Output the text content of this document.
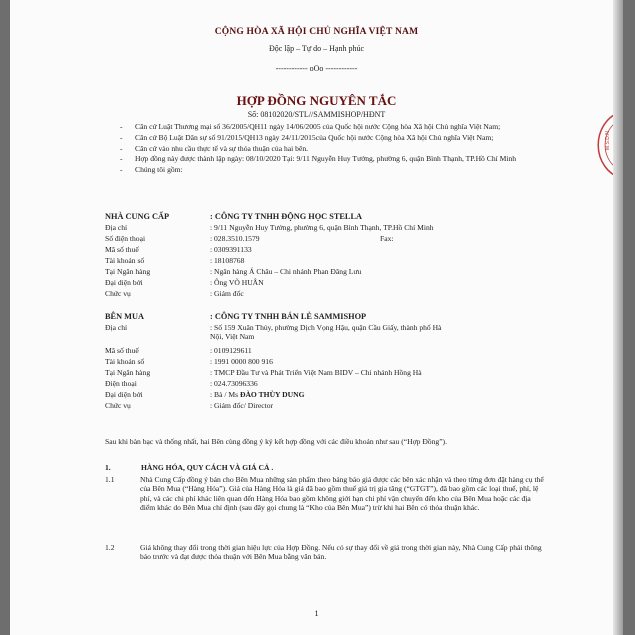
CỘNG HÒA XÃ HỘI CHỦ NGHĨA VIỆT NAM
Độc lập – Tự do – Hạnh phúc
------------ oOo ------------
HỢP ĐỒNG NGUYÊN TẮC
Số: 08102020/STL//SAMMISHOP/HĐNT
- Căn cứ Luật Thương mại số 36/2005/QH11 ngày 14/06/2005 của Quốc hội nước Cộng hòa Xã hội Chủ nghĩa Việt Nam;
- Căn cứ Bộ Luật Dân sự số 91/2015/QH13 ngày 24/11/2015của Quốc hội nước Cộng hòa Xã hội Chủ nghĩa Việt Nam;
- Căn cứ vào nhu cầu thực tế và sự thỏa thuận của hai bên.
- Hợp đồng này được thành lập ngày: 08/10/2020 Tại: 9/11 Nguyễn Huy Tưởng, phường 6, quận Bình Thạnh, TP.Hồ Chí Minh
- Chúng tôi gồm:
NHÀ CUNG CẤP	: CÔNG TY TNHH ĐỘNG HỌC STELLA
Địa chỉ	: 9/11 Nguyễn Huy Tưởng, phường 6, quận Bình Thạnh, TP.Hồ Chí Minh
Số điện thoại	: 028.3510.1579	Fax:
Mã số thuế	: 0309391133
Tài khoản số	: 18108768
Tại Ngân hàng	: Ngân hàng Á Châu – Chi nhánh Phan Đăng Lưu
Đại diện bởi	: Ông VÕ HUÂN
Chức vụ	: Giám đốc
BÊN MUA	: CÔNG TY TNHH BÁN LẺ SAMMISHOP
Địa chỉ	: Số 159 Xuân Thủy, phường Dịch Vọng Hậu, quận Cầu Giấy, thành phố Hà Nội, Việt Nam
Mã số thuế	: 0109129611
Tài khoản số	: 1991 0000 800 916
Tại Ngân hàng	: TMCP Đầu Tư và Phát Triển Việt Nam BIDV – Chi nhánh Hồng Hà
Điện thoại	: 024.73096336
Đại diện bởi	: Bà / Ms ĐÀO THÙY DUNG
Chức vụ	: Giám đốc/ Director
Sau khi bàn bạc và thống nhất, hai Bên cùng đồng ý ký kết hợp đồng với các điều khoản như sau (“Hợp Đồng”).
1.	HÀNG HÓA, QUY CÁCH VÀ GIÁ CẢ .
1.1	Nhà Cung Cấp đồng ý bán cho Bên Mua những sản phẩm theo bảng báo giá được các bên xác nhận và theo từng đơn đặt hàng cụ thể của Bên Mua (“Hàng Hóa”). Giá của Hàng Hóa là giá đã bao gồm thuế giá trị gia tăng (“GTGT”), đã bao gồm các loại thuế, phí, lệ phí, và các chi phí khác liên quan đến Hàng Hóa bao gồm không giới hạn chi phí vận chuyển đến kho của Bên Mua hoặc các địa điểm khác do Bên Mua chỉ định (sau đây gọi chung là “Kho của Bên Mua”) trừ khi hai Bên có thỏa thuận khác.
1.2	Giá không thay đổi trong thời gian hiệu lực của Hợp Đồng. Nếu có sự thay đổi về giá trong thời gian này, Nhà Cung Cấp phải thông báo trước và đạt được thỏa thuận với Bên Mua bằng văn bản.
1
M.S.D.N
